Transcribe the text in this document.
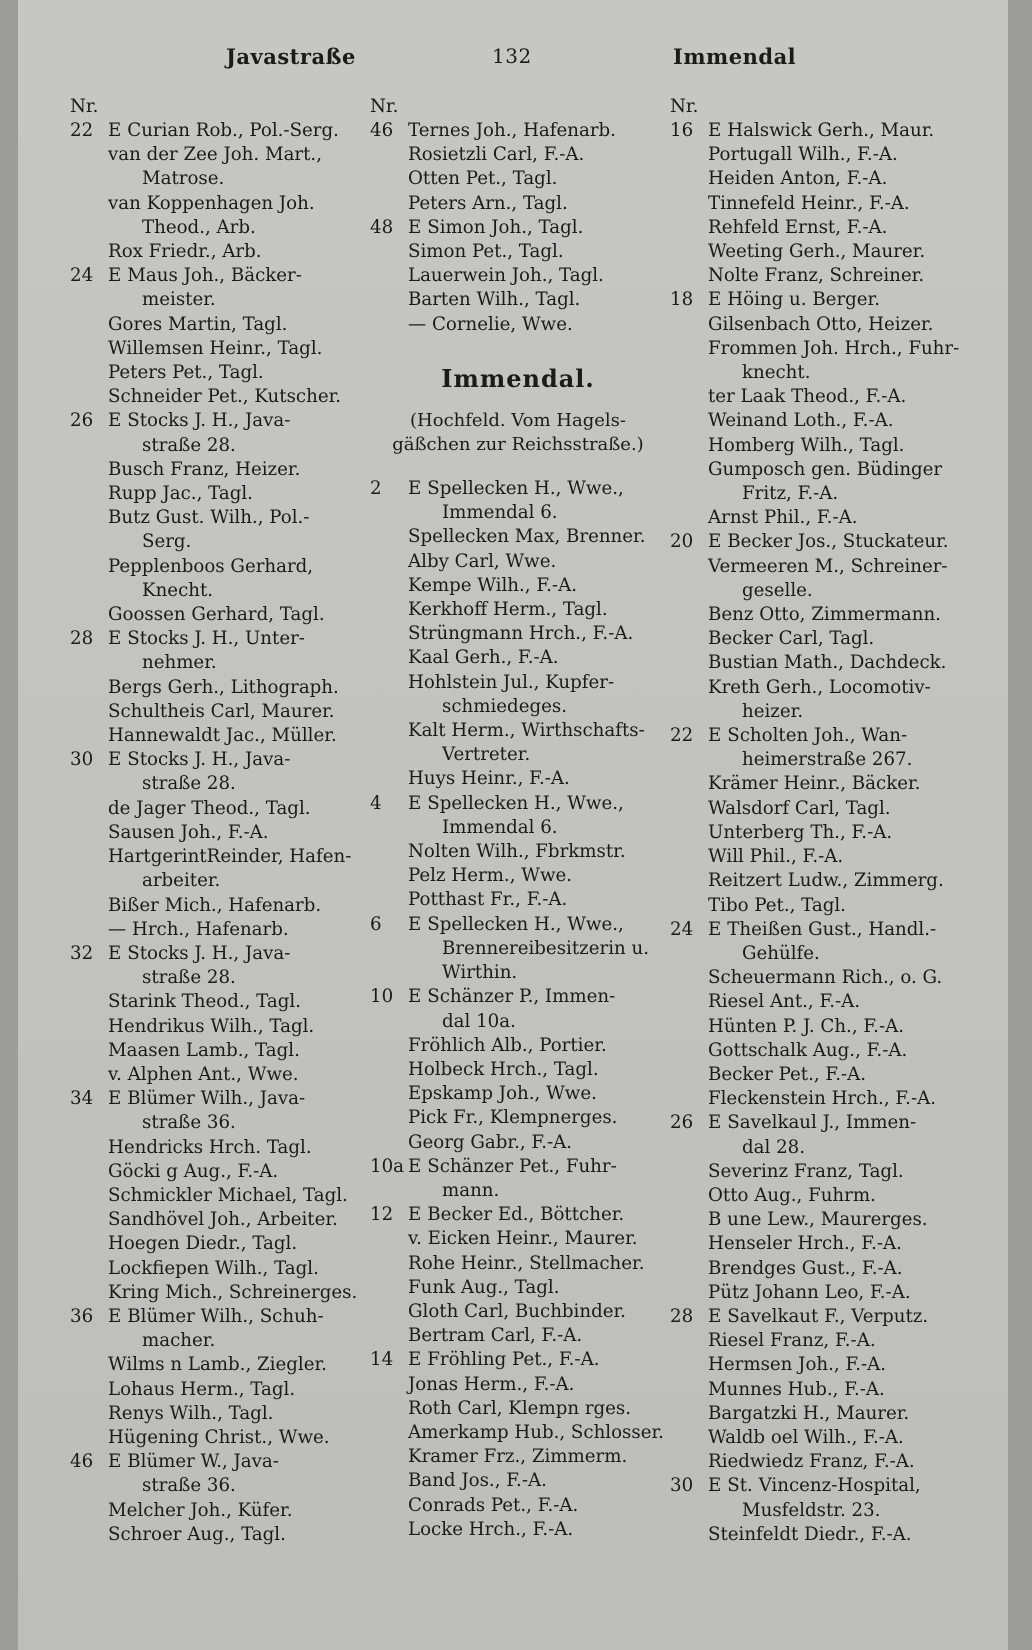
Javastraße	132	Immendal
Nr.
22 E Curian Rob., Pol.-Serg.
van der Zee Joh. Mart.,
Matrose.
van Koppenhagen Joh.
Theod., Arb.
Rox Friedr., Arb.
24 E Maus Joh., Bäcker-
meister.
Gores Martin, Tagl.
Willemsen Heinr., Tagl.
Peters Pet., Tagl.
Schneider Pet., Kutscher.
26 E Stocks J. H., Java-
straße 28.
Busch Franz, Heizer.
Rupp Jac., Tagl.
Butz Gust. Wilh., Pol.-
Serg.
Pepplenboos Gerhard,
Knecht.
Goossen Gerhard, Tagl.
28 E Stocks J. H., Unter-
nehmer.
Bergs Gerh., Lithograph.
Schultheis Carl, Maurer.
Hannewaldt Jac., Müller.
30 E Stocks J. H., Java-
straße 28.
de Jager Theod., Tagl.
Sausen Joh., F.-A.
HartgerintReinder, Hafen-
arbeiter.
Bißer Mich., Hafenarb.
— Hrch., Hafenarb.
32 E Stocks J. H., Java-
straße 28.
Starink Theod., Tagl.
Hendrikus Wilh., Tagl.
Maasen Lamb., Tagl.
v. Alphen Ant., Wwe.
34 E Blümer Wilh., Java-
straße 36.
Hendricks Hrch. Tagl.
Göcki g Aug., F.-A.
Schmickler Michael, Tagl.
Sandhövel Joh., Arbeiter.
Hoegen Diedr., Tagl.
Lockfiepen Wilh., Tagl.
Kring Mich., Schreinerges.
36 E Blümer Wilh., Schuh-
macher.
Wilms n Lamb., Ziegler.
Lohaus Herm., Tagl.
Renys Wilh., Tagl.
Hügening Christ., Wwe.
46 E Blümer W., Java-
straße 36.
Melcher Joh., Küfer.
Schroer Aug., Tagl.
Nr.
46 Ternes Joh., Hafenarb.
Rosietzli Carl, F.-A.
Otten Pet., Tagl.
Peters Arn., Tagl.
48 E Simon Joh., Tagl.
Simon Pet., Tagl.
Lauerwein Joh., Tagl.
Barten Wilh., Tagl.
— Cornelie, Wwe.
Immendal.
(Hochfeld. Vom Hagels-
gäßchen zur Reichsstraße.)
2	E Spellecken H., Wwe.,
Immendal 6.
Spellecken Max, Brenner.
Alby Carl, Wwe.
Kempe Wilh., F.-A.
Kerkhoff Herm., Tagl.
Strüngmann Hrch., F.-A.
Kaal Gerh., F.-A.
Hohlstein Jul., Kupfer-
schmiedeges.
Kalt Herm., Wirthschafts-
Vertreter.
Huys Heinr., F.-A.
4	E Spellecken H., Wwe.,
Immendal 6.
Nolten Wilh., Fbrkmstr.
Pelz Herm., Wwe.
Potthast Fr., F.-A.
6	E Spellecken H., Wwe.,
Brennereibesitzerin u.
Wirthin.
10 E Schänzer P., Immen-
dal 10a.
Fröhlich Alb., Portier.
Holbeck Hrch., Tagl.
Epskamp Joh., Wwe.
Pick Fr., Klempnerges.
Georg Gabr., F.-A.
10a E Schänzer Pet., Fuhr-
mann.
12 E Becker Ed., Böttcher.
v. Eicken Heinr., Maurer.
Rohe Heinr., Stellmacher.
Funk Aug., Tagl.
Gloth Carl, Buchbinder.
Bertram Carl, F.-A.
14 E Fröhling Pet., F.-A.
Jonas Herm., F.-A.
Roth Carl, Klempn rges.
Amerkamp Hub., Schlosser.
Kramer Frz., Zimmerm.
Band Jos., F.-A.
Conrads Pet., F.-A.
Locke Hrch., F.-A.
Nr.
16 E Halswick Gerh., Maur.
Portugall Wilh., F.-A.
Heiden Anton, F.-A.
Tinnefeld Heinr., F.-A.
Rehfeld Ernst, F.-A.
Weeting Gerh., Maurer.
Nolte Franz, Schreiner.
18 E Höing u. Berger.
Gilsenbach Otto, Heizer.
Frommen Joh. Hrch., Fuhr-
knecht.
ter Laak Theod., F.-A.
Weinand Loth., F.-A.
Homberg Wilh., Tagl.
Gumposch gen. Büdinger
Fritz, F.-A.
Arnst Phil., F.-A.
20 E Becker Jos., Stuckateur.
Vermeeren M., Schreiner-
geselle.
Benz Otto, Zimmermann.
Becker Carl, Tagl.
Bustian Math., Dachdeck.
Kreth Gerh., Locomotiv-
heizer.
22 E Scholten Joh., Wan-
heimerstraße 267.
Krämer Heinr., Bäcker.
Walsdorf Carl, Tagl.
Unterberg Th., F.-A.
Will Phil., F.-A.
Reitzert Ludw., Zimmerg.
Tibo Pet., Tagl.
24 E Theißen Gust., Handl.-
Gehülfe.
Scheuermann Rich., o. G.
Riesel Ant., F.-A.
Hünten P. J. Ch., F.-A.
Gottschalk Aug., F.-A.
Becker Pet., F.-A.
Fleckenstein Hrch., F.-A.
26 E Savelkaul J., Immen-
dal 28.
Severinz Franz, Tagl.
Otto Aug., Fuhrm.
B une Lew., Maurerges.
Henseler Hrch., F.-A.
Brendges Gust., F.-A.
Pütz Johann Leo, F.-A.
28 E Savelkaut F., Verputz.
Riesel Franz, F.-A.
Hermsen Joh., F.-A.
Munnes Hub., F.-A.
Bargatzki H., Maurer.
Waldb oel Wilh., F.-A.
Riedwiedz Franz, F.-A.
30 E St. Vincenz-Hospital,
Musfeldstr. 23.
Steinfeldt Diedr., F.-A.
